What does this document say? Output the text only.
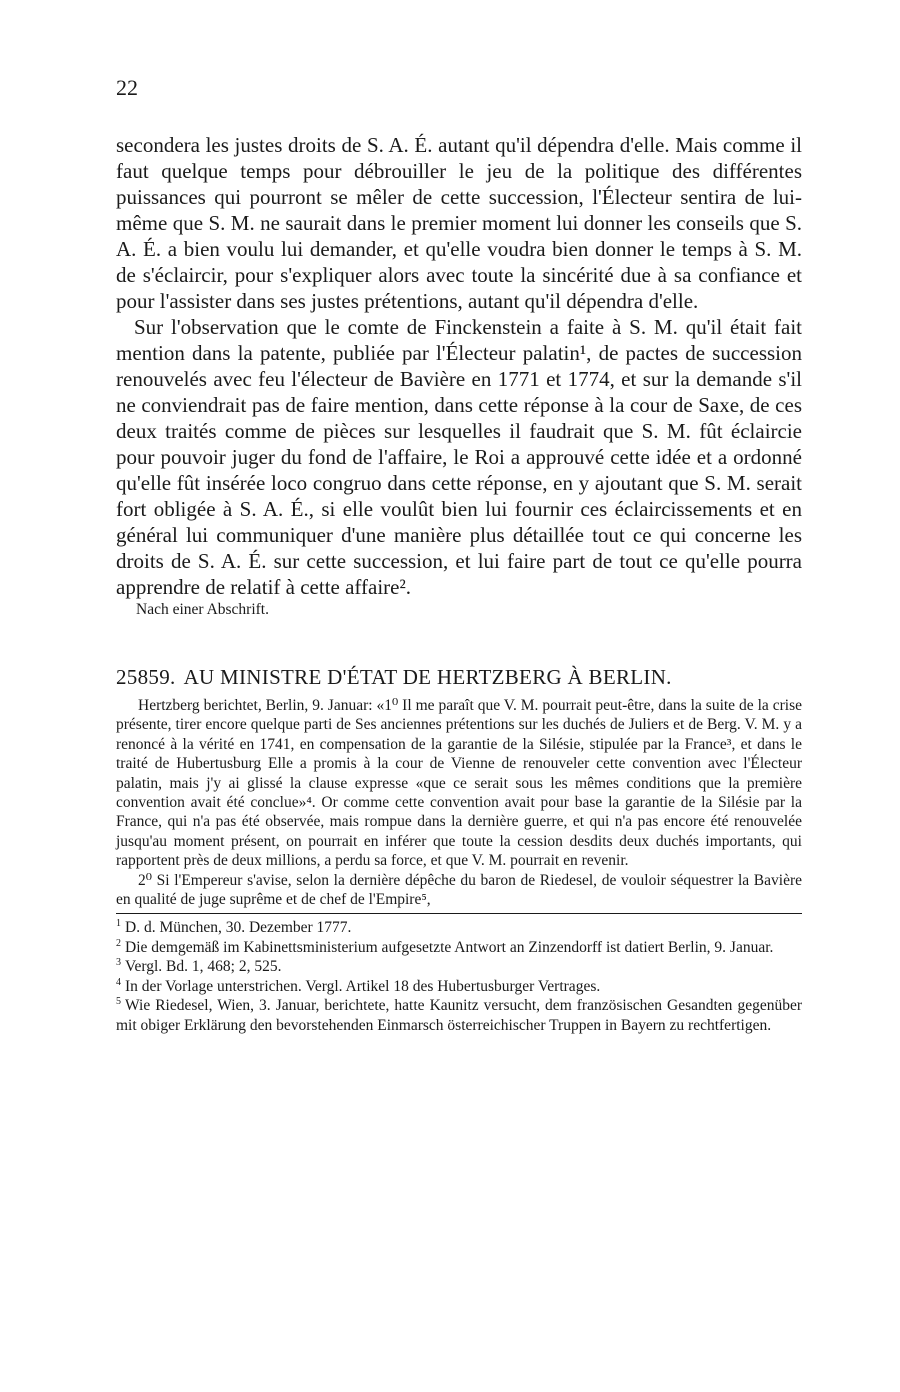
22

secondera les justes droits de S. A. É. autant qu'il dépendra d'elle. Mais comme il faut quelque temps pour débrouiller le jeu de la politique des différentes puissances qui pourront se mêler de cette succession, l'Électeur sentira de lui-même que S. M. ne saurait dans le premier moment lui donner les conseils que S. A. É. a bien voulu lui demander, et qu'elle voudra bien donner le temps à S. M. de s'éclaircir, pour s'expliquer alors avec toute la sincérité due à sa confiance et pour l'assister dans ses justes prétentions, autant qu'il dépendra d'elle.

Sur l'observation que le comte de Finckenstein a faite à S. M. qu'il était fait mention dans la patente, publiée par l'Électeur palatin¹, de pactes de succession renouvelés avec feu l'électeur de Bavière en 1771 et 1774, et sur la demande s'il ne conviendrait pas de faire mention, dans cette réponse à la cour de Saxe, de ces deux traités comme de pièces sur lesquelles il faudrait que S. M. fût éclaircie pour pouvoir juger du fond de l'affaire, le Roi a approuvé cette idée et a ordonné qu'elle fût insérée loco congruo dans cette réponse, en y ajoutant que S. M. serait fort obligée à S. A. É., si elle voulût bien lui fournir ces éclaircissements et en général lui communiquer d'une manière plus détaillée tout ce qui concerne les droits de S. A. É. sur cette succession, et lui faire part de tout ce qu'elle pourra apprendre de relatif à cette affaire².

Nach einer Abschrift.
25859. AU MINISTRE D'ÉTAT DE HERTZBERG À BERLIN.

Hertzberg berichtet, Berlin, 9. Januar: «1⁰ Il me paraît que V. M. pourrait peut-être, dans la suite de la crise présente, tirer encore quelque parti de Ses anciennes prétentions sur les duchés de Juliers et de Berg. V. M. y a renoncé à la vérité en 1741, en compensation de la garantie de la Silésie, stipulée par la France³, et dans le traité de Hubertusburg Elle a promis à la cour de Vienne de renouveler cette convention avec l'Électeur palatin, mais j'y ai glissé la clause expresse «que ce serait sous les mêmes conditions que la première convention avait été conclue»⁴. Or comme cette convention avait pour base la garantie de la Silésie par la France, qui n'a pas été observée, mais rompue dans la dernière guerre, et qui n'a pas encore été renouvelée jusqu'au moment présent, on pourrait en inférer que toute la cession desdits deux duchés importants, qui rapportent près de deux millions, a perdu sa force, et que V. M. pourrait en revenir.

2⁰ Si l'Empereur s'avise, selon la dernière dépêche du baron de Riedesel, de vouloir séquestrer la Bavière en qualité de juge suprême et de chef de l'Empire⁵,

$^1$ D. d. München, 30. Dezember 1777.

$^2$ Die demgemäß im Kabinettsministerium aufgesetzte Antwort an Zinzendorff ist datiert Berlin, 9. Januar.

$^3$ Vergl. Bd. 1, 468; 2, 525.

$^4$ In der Vorlage unterstrichen. Vergl. Artikel 18 des Hubertusburger Vertrages.

$^5$ Wie Riedesel, Wien, 3. Januar, berichtete, hatte Kaunitz versucht, dem französischen Gesandten gegenüber mit obiger Erklärung den bevorstehenden Einmarsch österreichischer Truppen in Bayern zu rechtfertigen.
